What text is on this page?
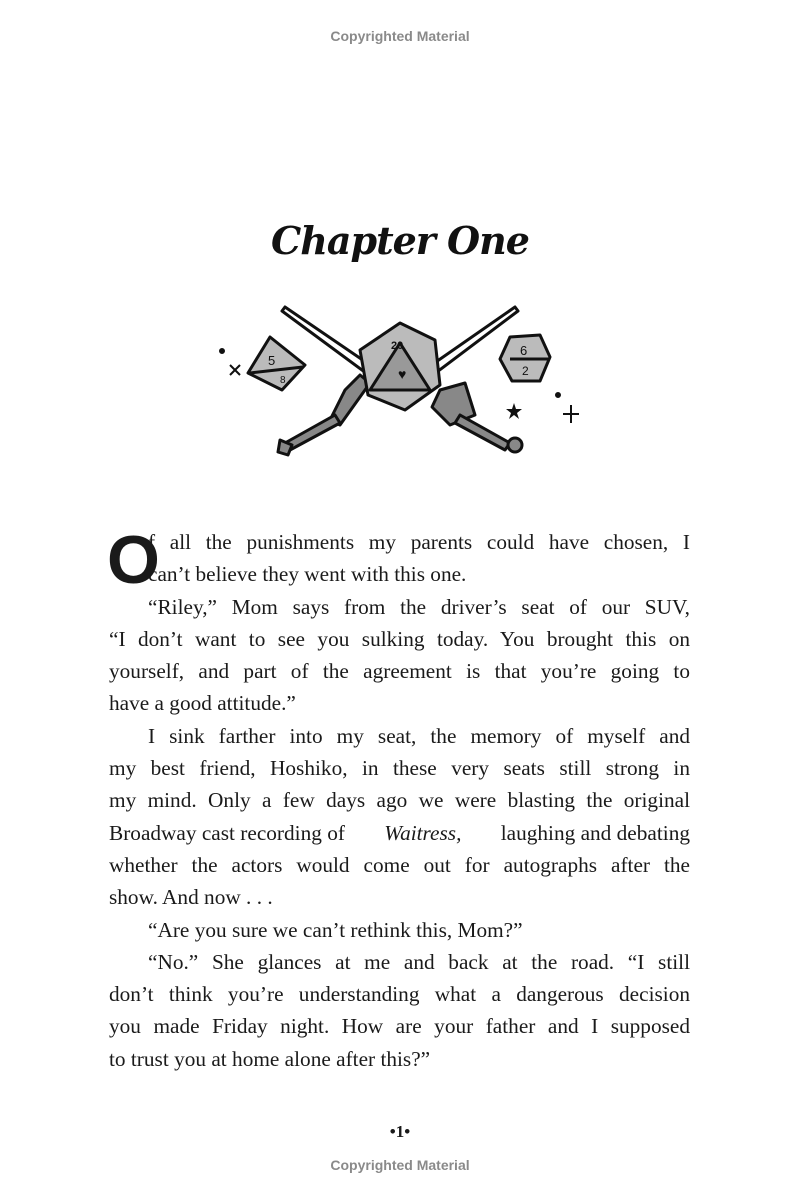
Copyrighted Material
Chapter One
20
♥
5
8
6
2
O
f all the punishments my parents could have chosen, I
can’t believe they went with this one.
“Riley,” Mom says from the driver’s seat of our SUV,
“I don’t want to see you sulking today. You brought this on
yourself, and part of the agreement is that you’re going to
have a good attitude.”
I sink farther into my seat, the memory of myself and
my best friend, Hoshiko, in these very seats still strong in
my mind. Only a few days ago we were blasting the original
Broadway cast recording of Waitress, laughing and debating
whether the actors would come out for autographs after the
show. And now . . .
“Are you sure we can’t rethink this, Mom?”
“No.” She glances at me and back at the road. “I still
don’t think you’re understanding what a dangerous decision
you made Friday night. How are your father and I supposed
to trust you at home alone after this?”
•1•
Copyrighted Material
